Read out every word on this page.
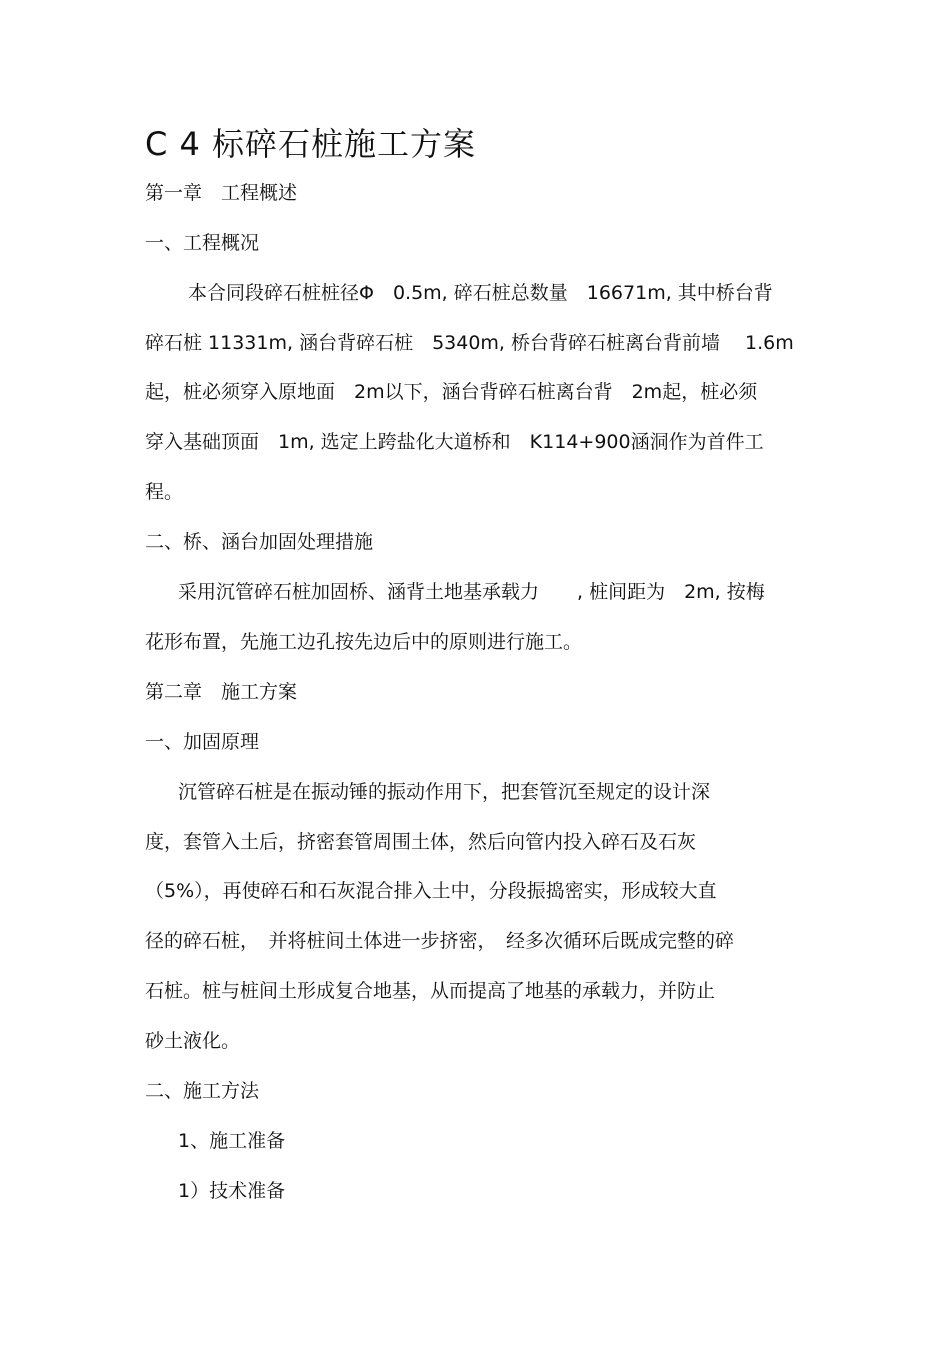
C 4 标碎石桩施工方案
第一章　工程概述
一、工程概况
本合同段碎石桩桩径Φ　0.5m, 碎石桩总数量　16671m, 其中桥台背
碎石桩 11331m, 涵台背碎石桩　5340m, 桥台背碎石桩离台背前墙　 1.6m
起，桩必须穿入原地面　2m以下，涵台背碎石桩离台背　2m起，桩必须
穿入基础顶面　1m, 选定上跨盐化大道桥和　K114+900涵洞作为首件工
程。
二、桥、涵台加固处理措施
采用沉管碎石桩加固桥、涵背土地基承载力　　, 桩间距为　2m, 按梅
花形布置，先施工边孔按先边后中的原则进行施工。
第二章　施工方案
一、加固原理
沉管碎石桩是在振动锤的振动作用下，把套管沉至规定的设计深
度，套管入土后，挤密套管周围土体，然后向管内投入碎石及石灰
（5%），再使碎石和石灰混合排入土中，分段振捣密实，形成较大直
径的碎石桩，　并将桩间土体进一步挤密，　经多次循环后既成完整的碎
石桩。桩与桩间土形成复合地基，从而提高了地基的承载力，并防止
砂土液化。
二、施工方法
1、施工准备
1）技术准备
